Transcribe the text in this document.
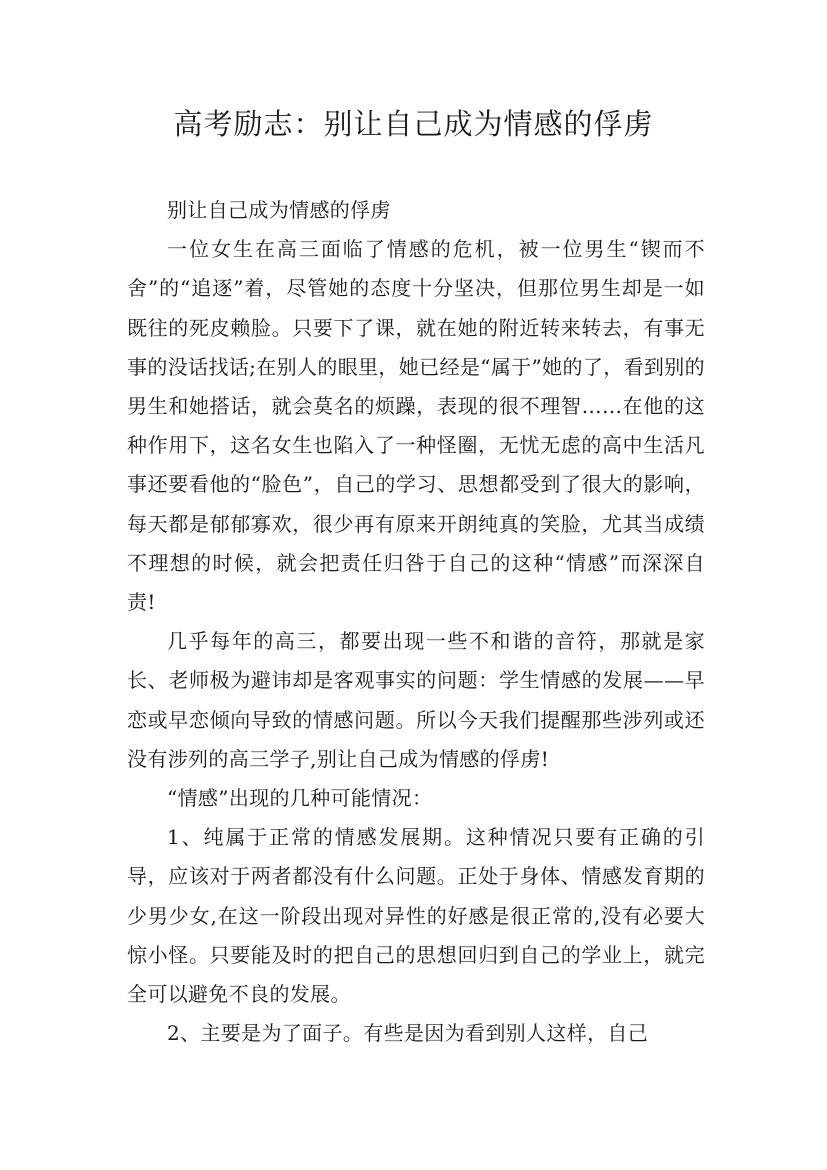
高考励志：别让自己成为情感的俘虏

别让自己成为情感的俘虏

一位女生在高三面临了情感的危机，被一位男生“锲而不舍”的“追逐”着，尽管她的态度十分坚决，但那位男生却是一如既往的死皮赖脸。只要下了课，就在她的附近转来转去，有事无事的没话找话;在别人的眼里，她已经是“属于”她的了，看到别的男生和她搭话，就会莫名的烦躁，表现的很不理智……在他的这种作用下，这名女生也陷入了一种怪圈，无忧无虑的高中生活凡事还要看他的“脸色”，自己的学习、思想都受到了很大的影响，每天都是郁郁寡欢，很少再有原来开朗纯真的笑脸，尤其当成绩不理想的时候，就会把责任归咎于自己的这种“情感”而深深自责!

几乎每年的高三，都要出现一些不和谐的音符，那就是家长、老师极为避讳却是客观事实的问题：学生情感的发展——早恋或早恋倾向导致的情感问题。所以今天我们提醒那些涉列或还没有涉列的高三学子,别让自己成为情感的俘虏!

“情感”出现的几种可能情况：

1、纯属于正常的情感发展期。这种情况只要有正确的引导，应该对于两者都没有什么问题。正处于身体、情感发育期的少男少女,在这一阶段出现对异性的好感是很正常的,没有必要大惊小怪。只要能及时的把自己的思想回归到自己的学业上，就完全可以避免不良的发展。

2、主要是为了面子。有些是因为看到别人这样，自己
